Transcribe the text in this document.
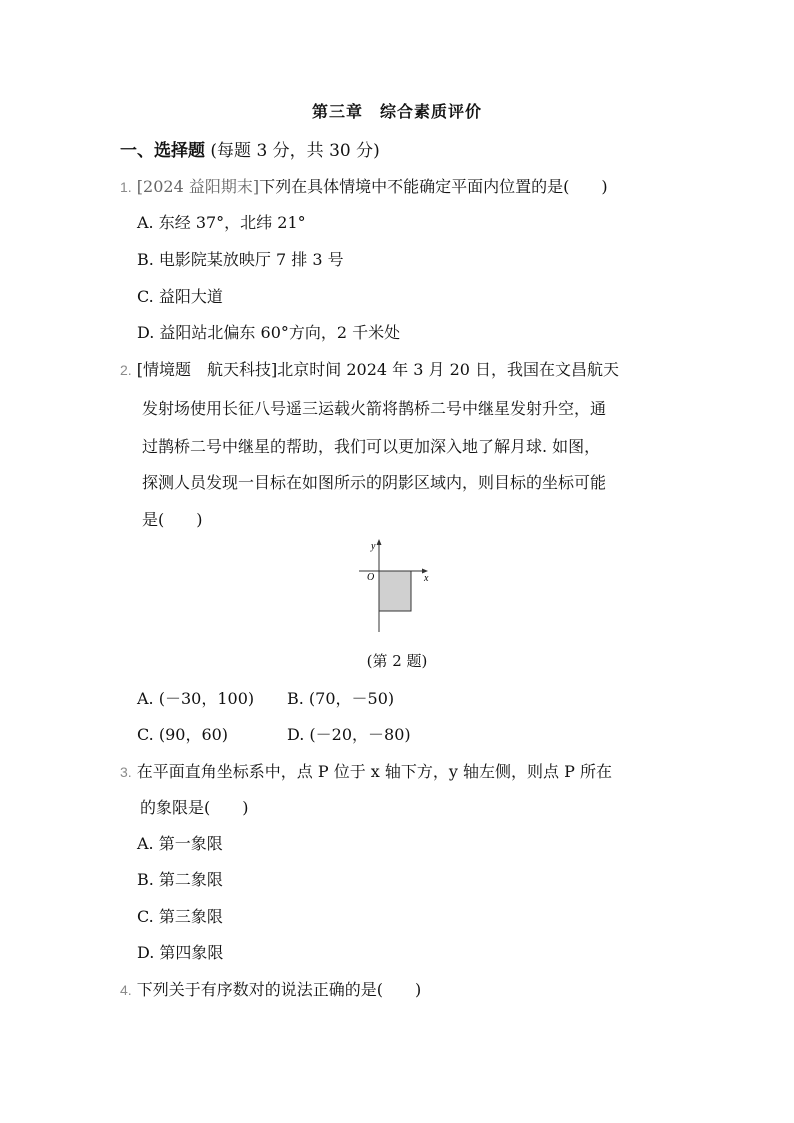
第三章　综合素质评价
一、选择题 (每题 3 分，共 30 分)
1. [2024 益阳期末]下列在具体情境中不能确定平面内位置的是(　　)
A. 东经 37°，北纬 21°
B. 电影院某放映厅 7 排 3 号
C. 益阳大道
D. 益阳站北偏东 60°方向，2 千米处
2. [情境题　航天科技]北京时间 2024 年 3 月 20 日，我国在文昌航天
发射场使用长征八号遥三运载火箭将鹊桥二号中继星发射升空，通
过鹊桥二号中继星的帮助，我们可以更加深入地了解月球. 如图，
探测人员发现一目标在如图所示的阴影区域内，则目标的坐标可能
是(　　)
y
x
O
(第 2 题)
A. (－30，100) B. (70，－50)
C. (90，60)	D. (－20，－80)
3. 在平面直角坐标系中，点 P 位于 x 轴下方，y 轴左侧，则点 P 所在
的象限是(　　)
A. 第一象限
B. 第二象限
C. 第三象限
D. 第四象限
4. 下列关于有序数对的说法正确的是(　　)
